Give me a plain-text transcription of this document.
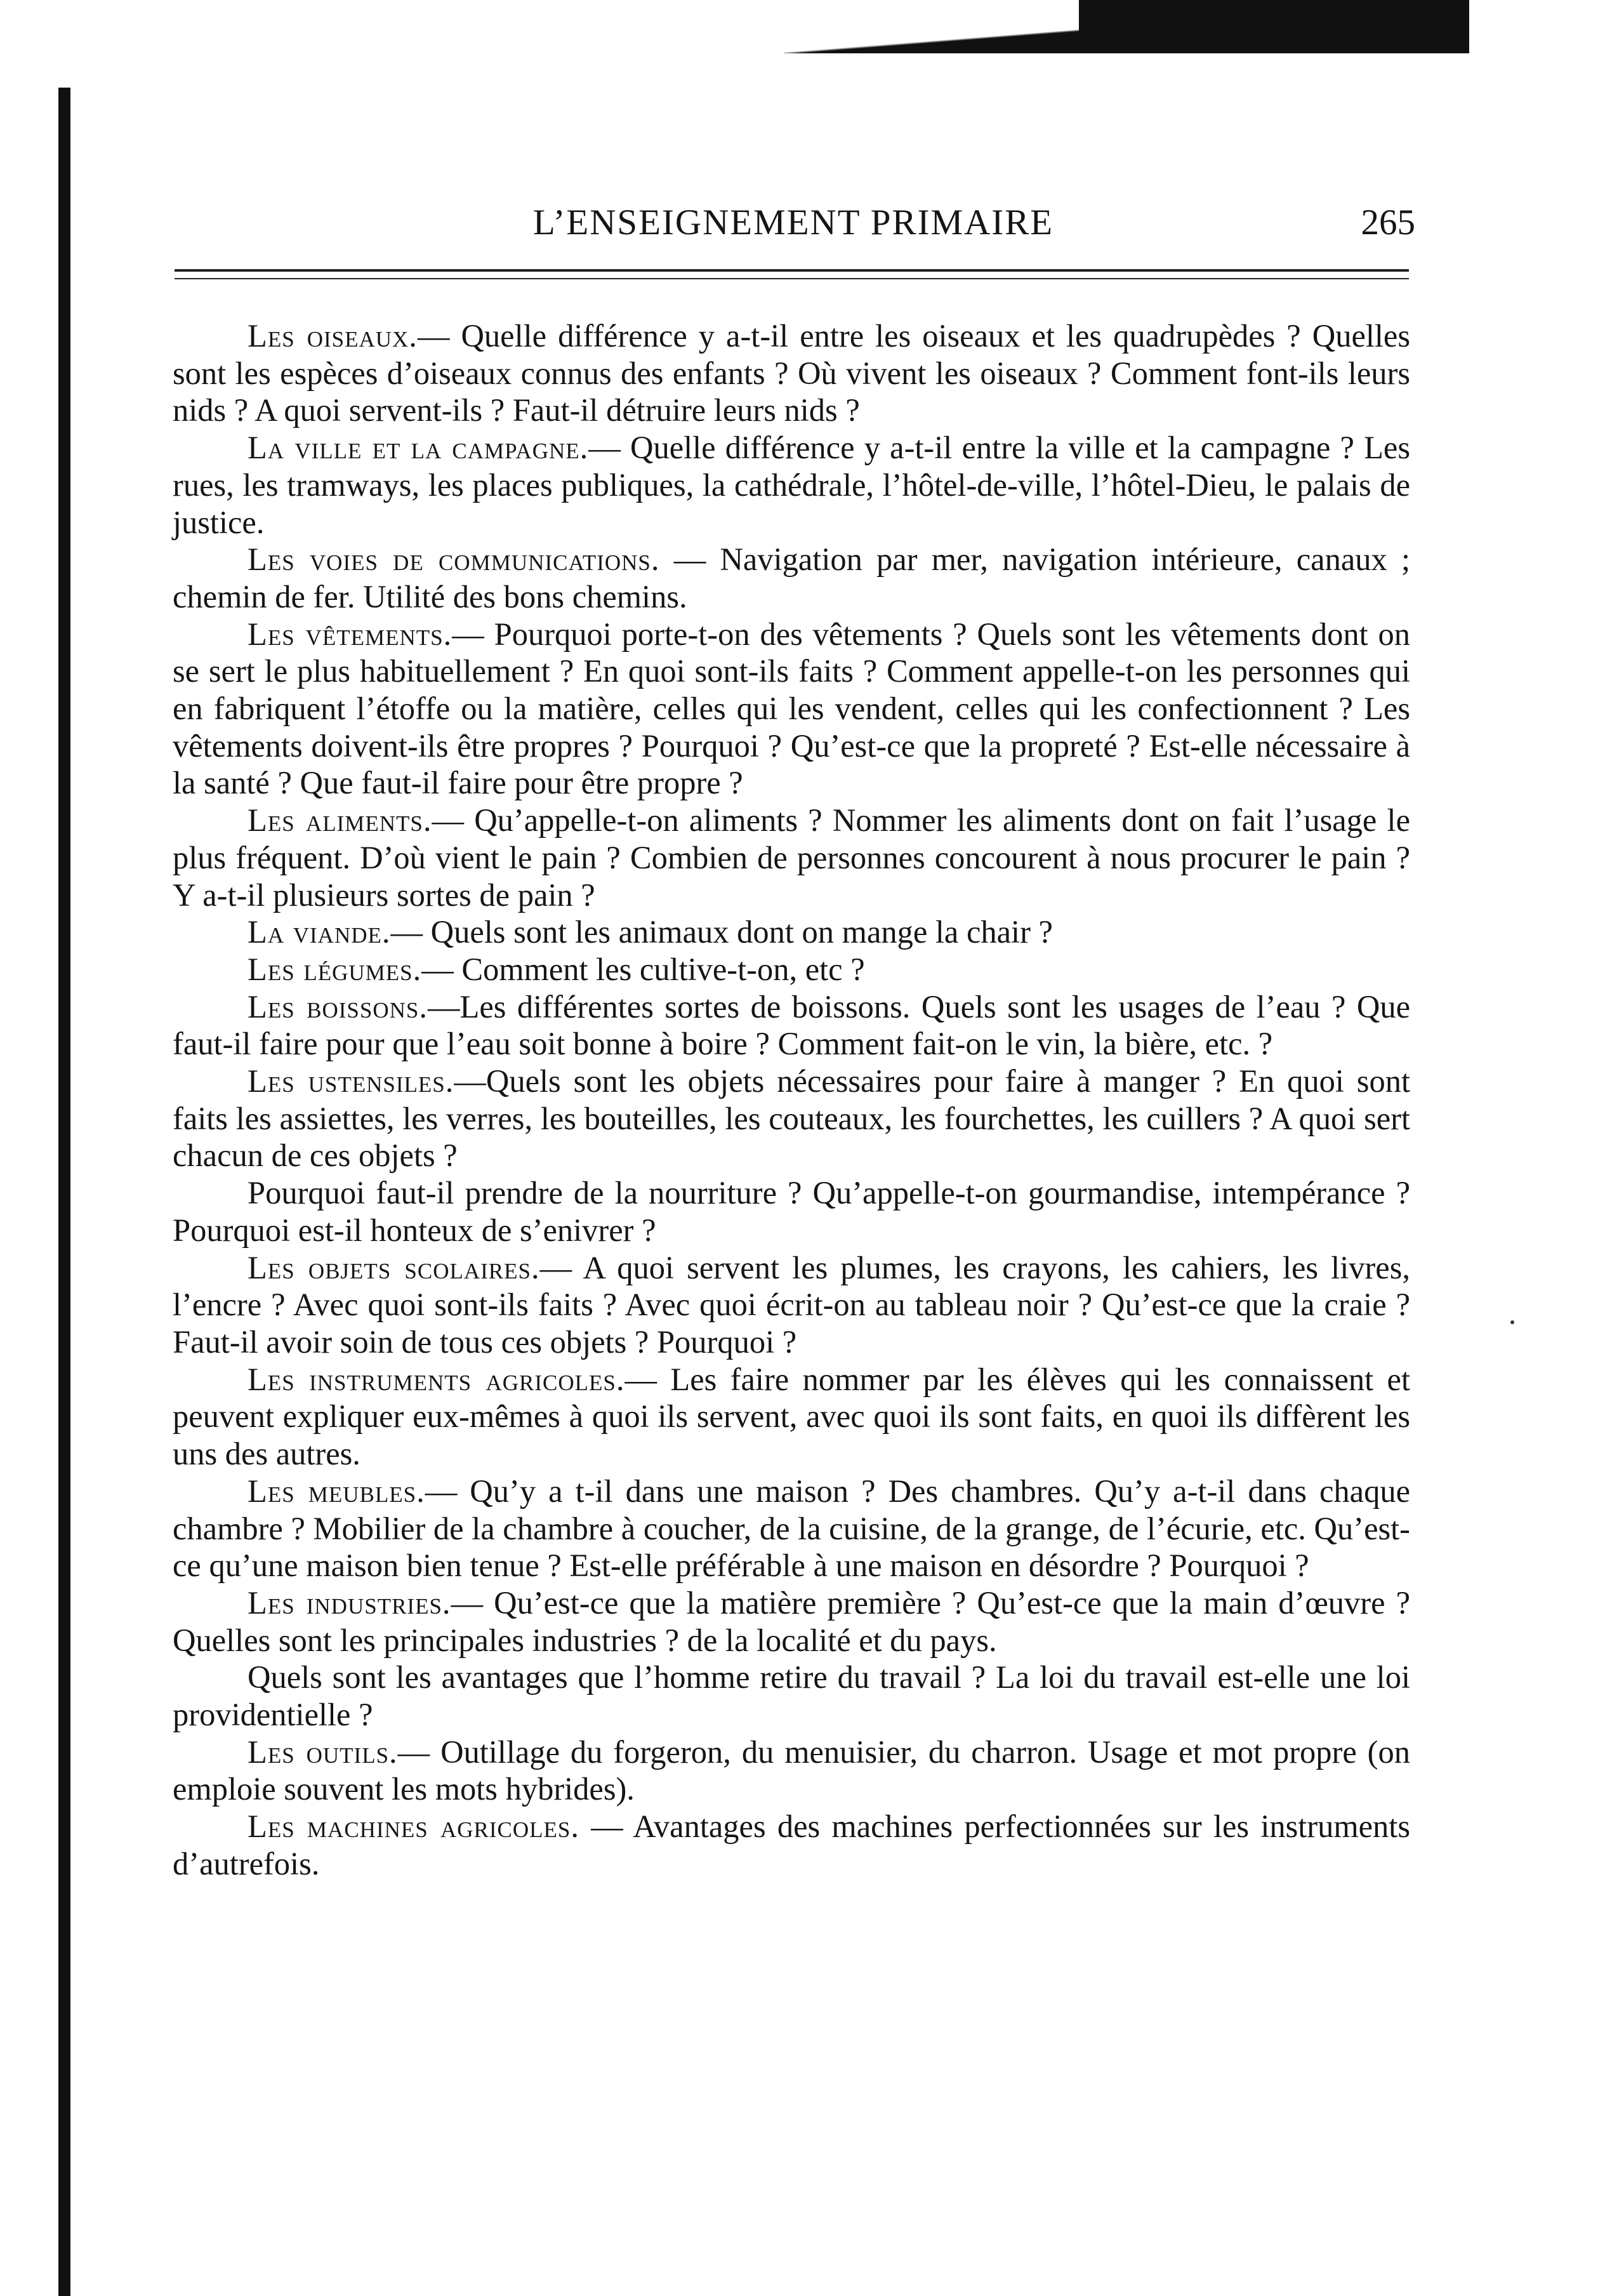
L’ENSEIGNEMENT PRIMAIRE	265

Les oiseaux.— Quelle différence y a-t-il entre les oiseaux et les quadrupèdes ? Quelles sont les espèces d’oiseaux connus des enfants ? Où vivent les oiseaux ? Comment font-ils leurs nids ? A quoi servent-ils ? Faut-il détruire leurs nids ?

La ville et la campagne.— Quelle différence y a-t-il entre la ville et la campagne ? Les rues, les tramways, les places publiques, la cathédrale, l’hôtel-de-ville, l’hôtel-Dieu, le palais de justice.

Les voies de communications. — Navigation par mer, navigation intérieure, canaux ; chemin de fer. Utilité des bons chemins.

Les vêtements.— Pourquoi porte-t-on des vêtements ? Quels sont les vêtements dont on se sert le plus habituellement ? En quoi sont-ils faits ? Comment appelle-t-on les personnes qui en fabriquent l’étoffe ou la matière, celles qui les vendent, celles qui les confectionnent ? Les vêtements doivent-ils être propres ? Pourquoi ? Qu’est-ce que la propreté ? Est-elle nécessaire à la santé ? Que faut-il faire pour être propre ?

Les aliments.— Qu’appelle-t-on aliments ? Nommer les aliments dont on fait l’usage le plus fréquent. D’où vient le pain ? Combien de personnes concourent à nous procurer le pain ? Y a-t-il plusieurs sortes de pain ?

La viande.— Quels sont les animaux dont on mange la chair ?

Les légumes.— Comment les cultive-t-on, etc ?

Les boissons.—Les différentes sortes de boissons. Quels sont les usages de l’eau ? Que faut-il faire pour que l’eau soit bonne à boire ? Comment fait-on le vin, la bière, etc. ?

Les ustensiles.—Quels sont les objets nécessaires pour faire à manger ? En quoi sont faits les assiettes, les verres, les bouteilles, les couteaux, les fourchettes, les cuillers ? A quoi sert chacun de ces objets ?

Pourquoi faut-il prendre de la nourriture ? Qu’appelle-t-on gourmandise, intempérance ? Pourquoi est-il honteux de s’enivrer ?

Les objets scolaires.— A quoi servent les plumes, les crayons, les cahiers, les livres, l’encre ? Avec quoi sont-ils faits ? Avec quoi écrit-on au tableau noir ? Qu’est-ce que la craie ? Faut-il avoir soin de tous ces objets ? Pourquoi ?

Les instruments agricoles.— Les faire nommer par les élèves qui les connaissent et peuvent expliquer eux-mêmes à quoi ils servent, avec quoi ils sont faits, en quoi ils diffèrent les uns des autres.

Les meubles.— Qu’y a t-il dans une maison ? Des chambres. Qu’y a-t-il dans chaque chambre ? Mobilier de la chambre à coucher, de la cuisine, de la grange, de l’écurie, etc. Qu’est-ce qu’une maison bien tenue ? Est-elle préférable à une maison en désordre ? Pourquoi ?

Les industries.— Qu’est-ce que la matière première ? Qu’est-ce que la main d’œuvre ? Quelles sont les principales industries ? de la localité et du pays.

Quels sont les avantages que l’homme retire du travail ? La loi du travail est-elle une loi providentielle ?

Les outils.— Outillage du forgeron, du menuisier, du charron. Usage et mot propre (on emploie souvent les mots hybrides).

Les machines agricoles. — Avantages des machines perfectionnées sur les instruments d’autrefois.
